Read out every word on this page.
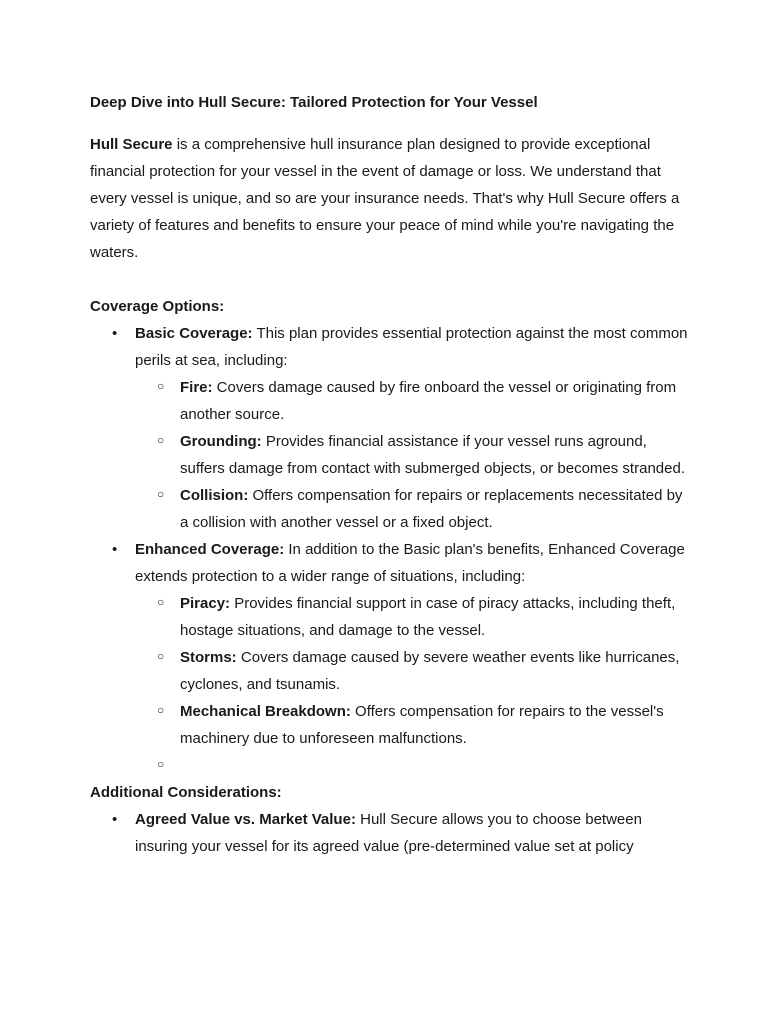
Deep Dive into Hull Secure: Tailored Protection for Your Vessel

Hull Secure is a comprehensive hull insurance plan designed to provide exceptional financial protection for your vessel in the event of damage or loss. We understand that every vessel is unique, and so are your insurance needs. That's why Hull Secure offers a variety of features and benefits to ensure your peace of mind while you're navigating the waters.

Coverage Options:
• Basic Coverage: This plan provides essential protection against the most common perils at sea, including:
○ Fire: Covers damage caused by fire onboard the vessel or originating from another source.
○ Grounding: Provides financial assistance if your vessel runs aground, suffers damage from contact with submerged objects, or becomes stranded.
○ Collision: Offers compensation for repairs or replacements necessitated by a collision with another vessel or a fixed object.
• Enhanced Coverage: In addition to the Basic plan's benefits, Enhanced Coverage extends protection to a wider range of situations, including:
○ Piracy: Provides financial support in case of piracy attacks, including theft, hostage situations, and damage to the vessel.
○ Storms: Covers damage caused by severe weather events like hurricanes, cyclones, and tsunamis.
○ Mechanical Breakdown: Offers compensation for repairs to the vessel's machinery due to unforeseen malfunctions.
○

Additional Considerations:
• Agreed Value vs. Market Value: Hull Secure allows you to choose between insuring your vessel for its agreed value (pre-determined value set at policy
